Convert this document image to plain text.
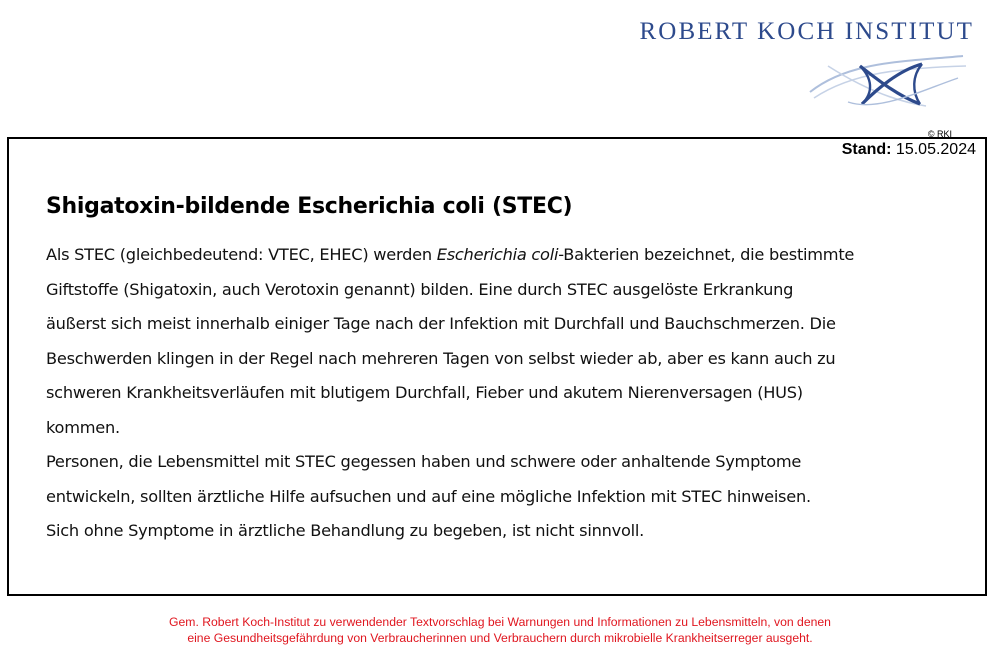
ROBERT KOCH INSTITUT
© RKI
Stand: 15.05.2024
Shigatoxin-bildende Escherichia coli (STEC)

Als STEC (gleichbedeutend: VTEC, EHEC) werden Escherichia coli-Bakterien bezeichnet, die bestimmte
Giftstoffe (Shigatoxin, auch Verotoxin genannt) bilden. Eine durch STEC ausgelöste Erkrankung
äußerst sich meist innerhalb einiger Tage nach der Infektion mit Durchfall und Bauchschmerzen. Die
Beschwerden klingen in der Regel nach mehreren Tagen von selbst wieder ab, aber es kann auch zu
schweren Krankheitsverläufen mit blutigem Durchfall, Fieber und akutem Nierenversagen (HUS)
kommen.

Personen, die Lebensmittel mit STEC gegessen haben und schwere oder anhaltende Symptome
entwickeln, sollten ärztliche Hilfe aufsuchen und auf eine mögliche Infektion mit STEC hinweisen.
Sich ohne Symptome in ärztliche Behandlung zu begeben, ist nicht sinnvoll.

Gem. Robert Koch-Institut zu verwendender Textvorschlag bei Warnungen und Informationen zu Lebensmitteln, von denen
eine Gesundheitsgefährdung von Verbraucherinnen und Verbrauchern durch mikrobielle Krankheitserreger ausgeht.
